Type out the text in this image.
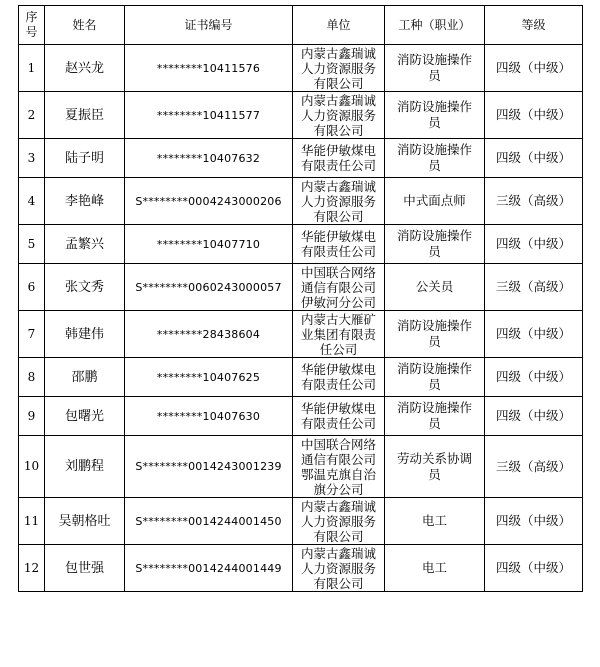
序号	姓名	证书编号	单位	工种（职业）	等级
1	赵兴龙	********10411576	内蒙古鑫瑞诚人力资源服务有限公司	消防设施操作员	四级（中级）
2	夏振臣	********10411577	内蒙古鑫瑞诚人力资源服务有限公司	消防设施操作员	四级（中级）
3	陆子明	********10407632	华能伊敏煤电有限责任公司	消防设施操作员	四级（中级）
4	李艳峰	S********0004243000206	内蒙古鑫瑞诚人力资源服务有限公司	中式面点师	三级（高级）
5	孟繁兴	********10407710	华能伊敏煤电有限责任公司	消防设施操作员	四级（中级）
6	张文秀	S********0060243000057	中国联合网络通信有限公司伊敏河分公司	公关员	三级（高级）
7	韩建伟	********28438604	内蒙古大雁矿业集团有限责任公司	消防设施操作员	四级（中级）
8	邵鹏	********10407625	华能伊敏煤电有限责任公司	消防设施操作员	四级（中级）
9	包曙光	********10407630	华能伊敏煤电有限责任公司	消防设施操作员	四级（中级）
10	刘鹏程	S********0014243001239	中国联合网络通信有限公司鄂温克旗自治旗分公司	劳动关系协调员	三级（高级）
11	吴朝格吐	S********0014244001450	内蒙古鑫瑞诚人力资源服务有限公司	电工	四级（中级）
12	包世强	S********0014244001449	内蒙古鑫瑞诚人力资源服务有限公司	电工	四级（中级）
